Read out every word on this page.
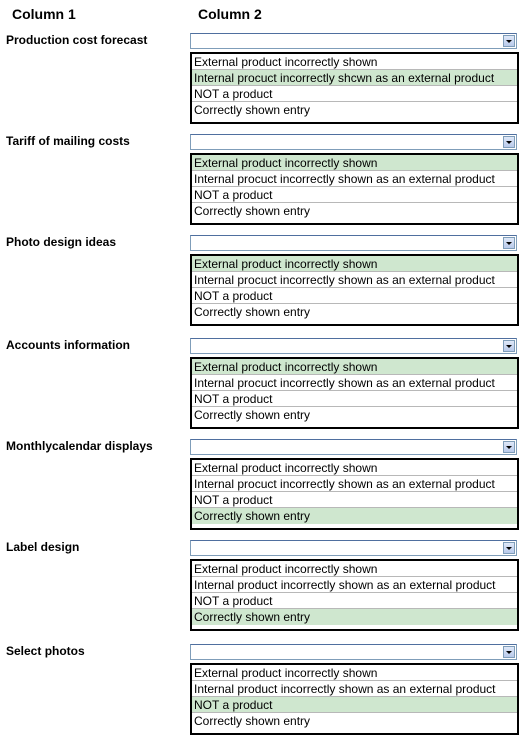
Column 1	Column 2
Production cost forecast
External product incorrectly shown
Internal procuct incorrectly shcwn as an external product
NOT a product
Correctly shown entry
Tariff of mailing costs
External product incorrectly shown
Internal procuct incorrectly shown as an external product
NOT a product
Correctly shown entry
Photo design ideas
External product incorrectly shown
Internal procuct incorrectly shown as an external product
NOT a product
Correctly shown entry
Accounts information
External product incorrectly shown
Internal procuct incorrectly shown as an external product
NOT a product
Correctly shown entry
Monthlycalendar displays
External product incorrectly shown
Internal procuct incorrectly shown as an external product
NOT a product
Correctly shown entry
Label design
External product incorrectly shown
Internal product incorrectly shown as an external product
NOT a product
Correctly shown entry
Select photos
External product incorrectly shown
Internal product incorrectly shown as an external product
NOT a product
Correctly shown entry
